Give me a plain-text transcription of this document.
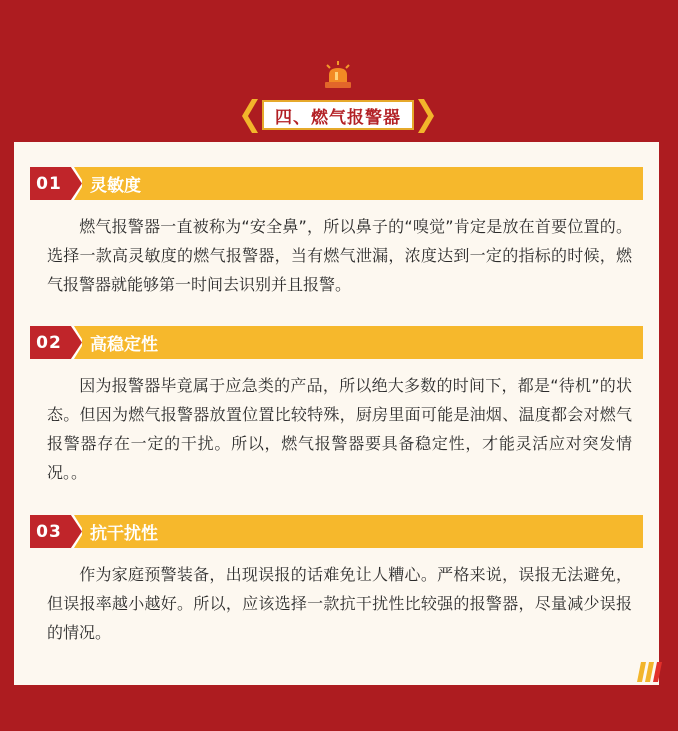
四、燃气报警器
灵敏度
01

燃气报警器一直被称为“安全鼻”，所以鼻子的“嗅觉”肯定是放在首要位置的。选择一款高灵敏度的燃气报警器，当有燃气泄漏，浓度达到一定的指标的时候，燃气报警器就能够第一时间去识别并且报警。

高稳定性
02

因为报警器毕竟属于应急类的产品，所以绝大多数的时间下，都是“待机”的状态。但因为燃气报警器放置位置比较特殊，厨房里面可能是油烟、温度都会对燃气报警器存在一定的干扰。所以，燃气报警器要具备稳定性，才能灵活应对突发情况。。

抗干扰性
03

作为家庭预警装备，出现误报的话难免让人糟心。严格来说，误报无法避免，但误报率越小越好。所以，应该选择一款抗干扰性比较强的报警器，尽量减少误报的情况。
